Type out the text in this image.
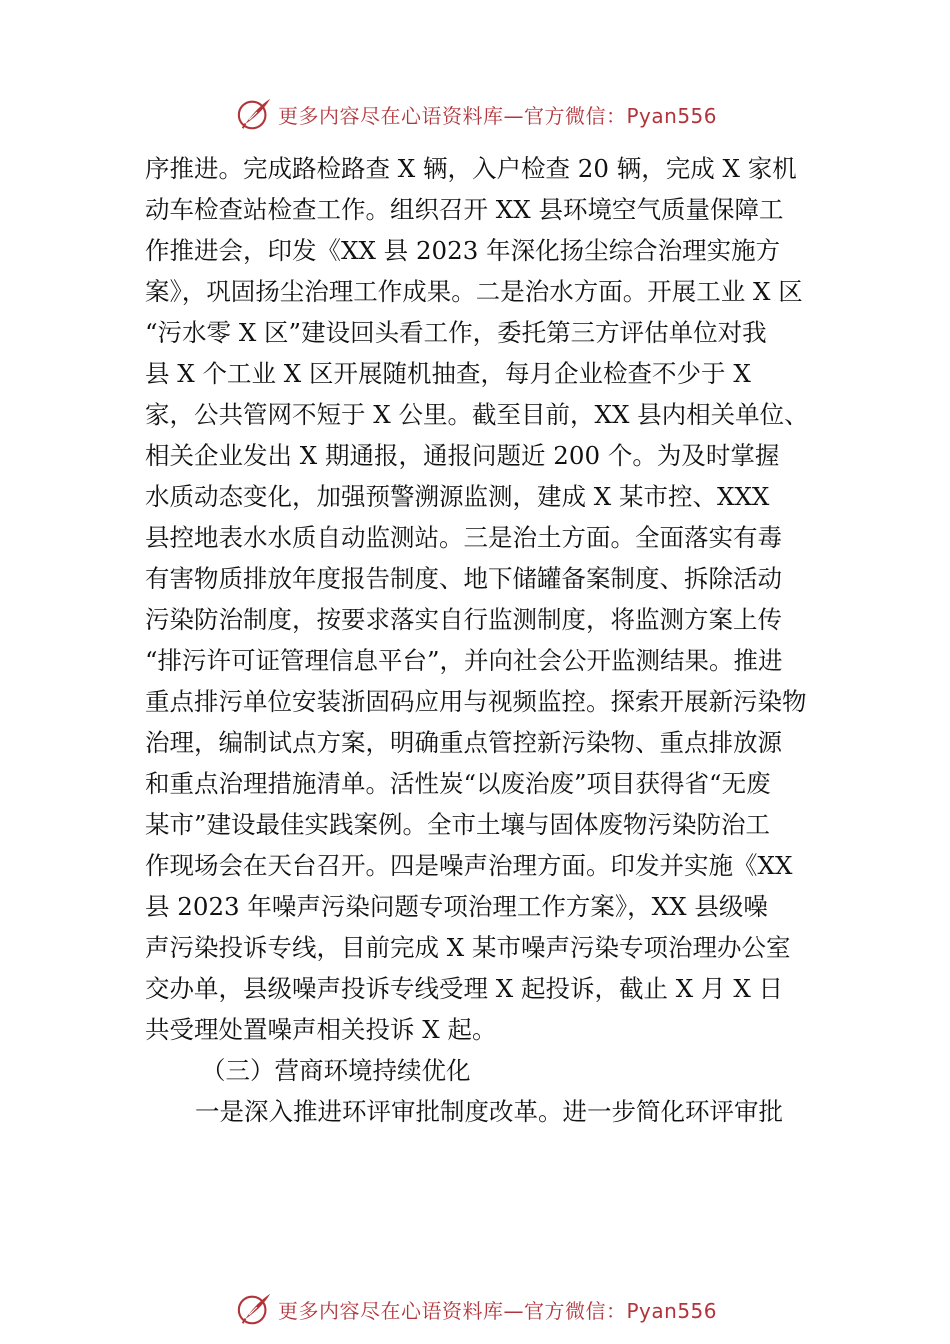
更多内容尽在心语资料库—官方微信：Pyan556
序推进。完成路检路查 X 辆，入户检查 20 辆，完成 X 家机
动车检查站检查工作。组织召开 XX 县环境空气质量保障工
作推进会，印发《XX 县 2023 年深化扬尘综合治理实施方
案》，巩固扬尘治理工作成果。二是治水方面。开展工业 X 区
“污水零 X 区”建设回头看工作，委托第三方评估单位对我
县 X 个工业 X 区开展随机抽查，每月企业检查不少于 X
家，公共管网不短于 X 公里。截至目前，XX 县内相关单位、
相关企业发出 X 期通报，通报问题近 200 个。为及时掌握
水质动态变化，加强预警溯源监测，建成 X 某市控、XXX
县控地表水水质自动监测站。三是治土方面。全面落实有毒
有害物质排放年度报告制度、地下储罐备案制度、拆除活动
污染防治制度，按要求落实自行监测制度，将监测方案上传
“排污许可证管理信息平台”，并向社会公开监测结果。推进
重点排污单位安装浙固码应用与视频监控。探索开展新污染物
治理，编制试点方案，明确重点管控新污染物、重点排放源
和重点治理措施清单。活性炭“以废治废”项目获得省“无废
某市”建设最佳实践案例。全市土壤与固体废物污染防治工
作现场会在天台召开。四是噪声治理方面。印发并实施《XX
县 2023 年噪声污染问题专项治理工作方案》，XX 县级噪
声污染投诉专线，目前完成 X 某市噪声污染专项治理办公室
交办单，县级噪声投诉专线受理 X 起投诉，截止 X 月 X 日
共受理处置噪声相关投诉 X 起。
（三）营商环境持续优化
一是深入推进环评审批制度改革。进一步简化环评审批
更多内容尽在心语资料库—官方微信：Pyan556
